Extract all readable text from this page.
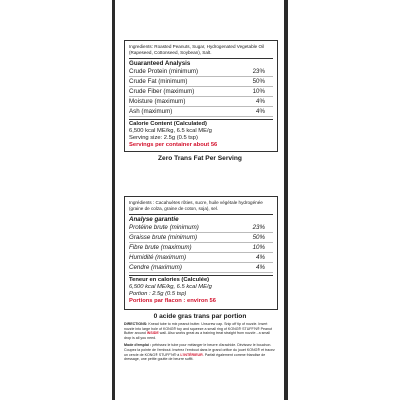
Ingredients: Roasted Peanuts, Sugar, Hydrogenated Vegetable Oil (Rapeseed, Cottonseed, Soybean), Salt.
Guaranteed Analysis
Crude Protein (minimum)	23%
Crude Fat (minimum)	50%
Crude Fiber (maximum)	10%
Moisture (maximum)	4%
Ash (maximum)	4%
Calorie Content (Calculated)
6,500 kcal ME/kg, 6.5 kcal ME/g
Serving size: 2.5g (0.5 tsp)
Servings per container about 56
Zero Trans Fat Per Serving
Ingrédients : Cacahuètes rôties, sucre, huile végétale hydrogénée (graine de colza, graine de coton, soja), sel.
Analyse garantie
Protéine brute (minimum)	23%
Graisse brute (minimum)	50%
Fibre brute (maximum)	10%
Humidité (maximum)	4%
Cendre (maximum)	4%
Teneur en calories (Calculée)
6,500 kcal ME/kg, 6.5 kcal ME/g
Portion : 2.5g (0.5 tsp)
Portions par flacon : environ 56
0 acide gras trans par portion

DIRECTIONS: Knead tube to mix peanut butter. Unscrew cap. Snip off tip of nozzle. Insert nozzle into large hole of KONG® toy and squeeze a small ring of KONG® STUFF'N® Peanut Butter around INSIDE wall. Also works great as a training treat straight from nozzle - a small drop is all you need.

Mode d'emploi : pétrissez le tube pour mélanger le beurre d'arachide. Dévissez le bouchon. Coupez la pointe de l'embout. Insérez l'embout dans le grand orifice du jouet KONG® et tracez un cercle de KONG® STUFF'N® à L'INTÉRIEUR. Parfait également comme friandise de dressage, une petite goutte de beurre suffit.
